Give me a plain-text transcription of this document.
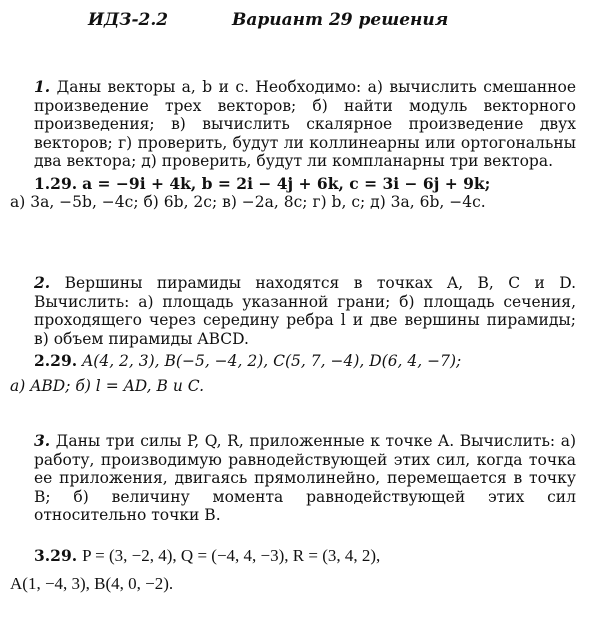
ИДЗ-2.2	Вариант 29 решения

1. Даны векторы a, b и c. Необходимо: а) вычислить смешанное произведение трех векторов; б) найти модуль векторного произведения; в) вычислить скалярное произведение двух векторов; г) проверить, будут ли коллинеарны или ортогональны два вектора; д) проверить, будут ли компланарны три вектора.

1.29. a = −9i + 4k, b = 2i − 4j + 6k, c = 3i − 6j + 9k;

а) 3a, −5b, −4c; б) 6b, 2c; в) −2a, 8c; г) b, c; д) 3a, 6b, −4c.

2. Вершины пирамиды находятся в точках A, B, C и D. Вычислить: а) площадь указанной грани; б) площадь сечения, проходящего через середину ребра l и две вершины пирамиды; в) объем пирамиды ABCD.

2.29. A(4, 2, 3), B(−5, −4, 2), C(5, 7, −4), D(6, 4, −7);

а) ABD; б) l = AD, B и C.

3. Даны три силы P, Q, R, приложенные к точке A. Вычислить: а) работу, производимую равнодействующей этих сил, когда точка ее приложения, двигаясь прямолинейно, перемещается в точку B; б) величину момента равнодействующей этих сил относительно точки B.

3.29. P = (3, −2, 4), Q = (−4, 4, −3), R = (3, 4, 2),

A(1, −4, 3), B(4, 0, −2).
